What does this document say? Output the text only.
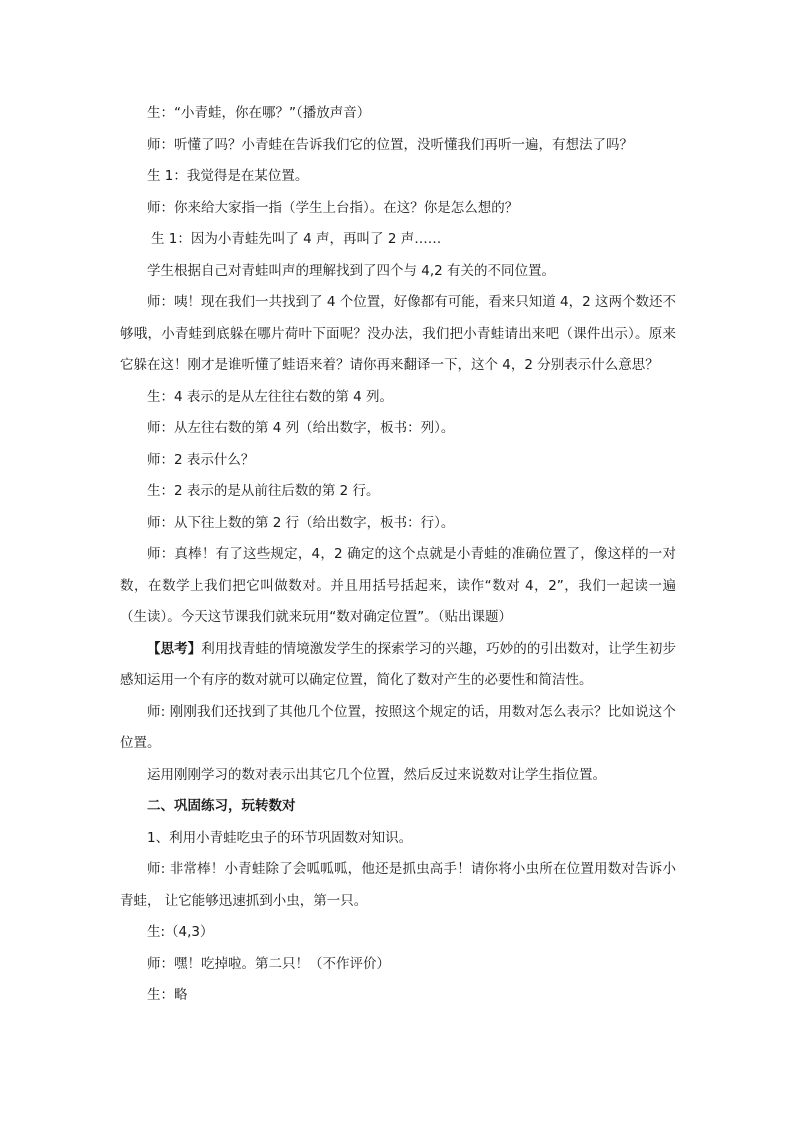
生：“小青蛙，你在哪？”（播放声音）

师：听懂了吗？小青蛙在告诉我们它的位置，没听懂我们再听一遍，有想法了吗？

生 1：我觉得是在某位置。

师：你来给大家指一指（学生上台指）。在这？你是怎么想的？

生 1：因为小青蛙先叫了 4 声，再叫了 2 声……

学生根据自己对青蛙叫声的理解找到了四个与 4,2 有关的不同位置。

师：咦！现在我们一共找到了 4 个位置，好像都有可能，看来只知道 4，2 这两个数还不够哦，小青蛙到底躲在哪片荷叶下面呢？没办法，我们把小青蛙请出来吧（课件出示）。原来它躲在这！刚才是谁听懂了蛙语来着？请你再来翻译一下，这个 4，2 分别表示什么意思？

生：4 表示的是从左往往右数的第 4 列。

师：从左往右数的第 4 列（给出数字，板书：列）。

师：2 表示什么？

生：2 表示的是从前往后数的第 2 行。

师：从下往上数的第 2 行（给出数字，板书：行）。

师：真棒！有了这些规定，4，2 确定的这个点就是小青蛙的准确位置了，像这样的一对数，在数学上我们把它叫做数对。并且用括号括起来，读作“数对 4，2”，我们一起读一遍（生读）。今天这节课我们就来玩用“数对确定位置”。（贴出课题）

【思考】利用找青蛙的情境激发学生的探索学习的兴趣，巧妙的的引出数对，让学生初步感知运用一个有序的数对就可以确定位置，简化了数对产生的必要性和简洁性。

师: 刚刚我们还找到了其他几个位置，按照这个规定的话，用数对怎么表示？比如说这个位置。

运用刚刚学习的数对表示出其它几个位置，然后反过来说数对让学生指位置。

二、巩固练习，玩转数对

1、利用小青蛙吃虫子的环节巩固数对知识。

师: 非常棒！小青蛙除了会呱呱呱，他还是抓虫高手！请你将小虫所在位置用数对告诉小青蛙， 让它能够迅速抓到小虫，第一只。

生:（4,3）

师：嘿！吃掉啦。第二只！（不作评价）

生：略
